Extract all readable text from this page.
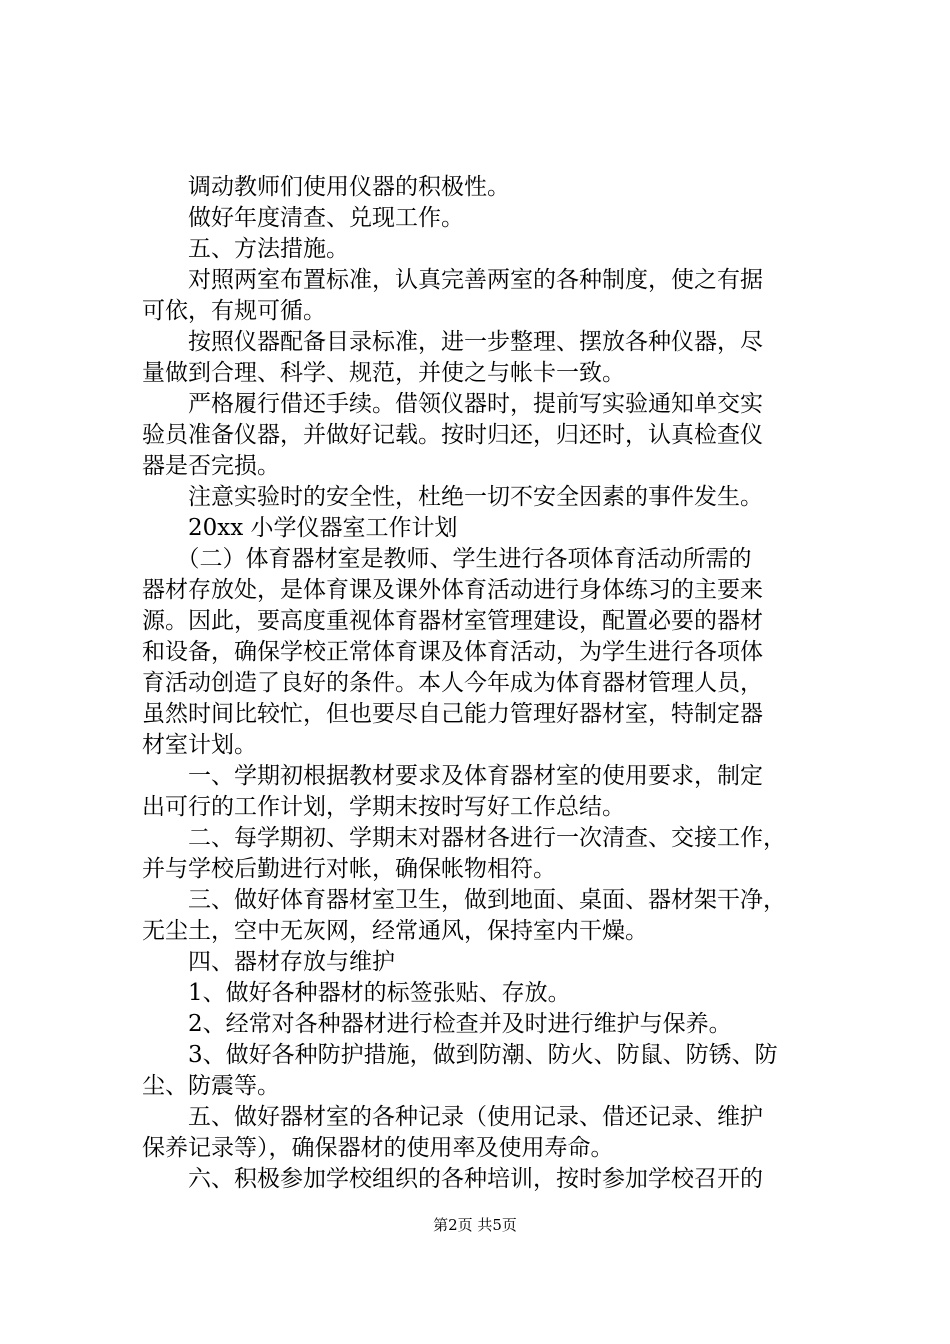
　　调动教师们使用仪器的积极性。
　　做好年度清查、兑现工作。
　　五、方法措施。
　　对照两室布置标准，认真完善两室的各种制度，使之有据
可依，有规可循。
　　按照仪器配备目录标准，进一步整理、摆放各种仪器，尽
量做到合理、科学、规范，并使之与帐卡一致。
　　严格履行借还手续。借领仪器时，提前写实验通知单交实
验员准备仪器，并做好记载。按时归还，归还时，认真检查仪
器是否完损。
　　注意实验时的安全性，杜绝一切不安全因素的事件发生。
　　20xx 小学仪器室工作计划
　　（二）体育器材室是教师、学生进行各项体育活动所需的
器材存放处，是体育课及课外体育活动进行身体练习的主要来
源。因此，要高度重视体育器材室管理建设，配置必要的器材
和设备，确保学校正常体育课及体育活动，为学生进行各项体
育活动创造了良好的条件。本人今年成为体育器材管理人员，
虽然时间比较忙，但也要尽自己能力管理好器材室，特制定器
材室计划。
　　一、学期初根据教材要求及体育器材室的使用要求，制定
出可行的工作计划，学期末按时写好工作总结。
　　二、每学期初、学期末对器材各进行一次清查、交接工作，
并与学校后勤进行对帐，确保帐物相符。
　　三、做好体育器材室卫生，做到地面、桌面、器材架干净，
无尘土，空中无灰网，经常通风，保持室内干燥。
　　四、器材存放与维护
　　1、做好各种器材的标签张贴、存放。
　　2、经常对各种器材进行检查并及时进行维护与保养。
　　3、做好各种防护措施，做到防潮、防火、防鼠、防锈、防
尘、防震等。
　　五、做好器材室的各种记录（使用记录、借还记录、维护
保养记录等），确保器材的使用率及使用寿命。
　　六、积极参加学校组织的各种培训，按时参加学校召开的
第2页 共5页
